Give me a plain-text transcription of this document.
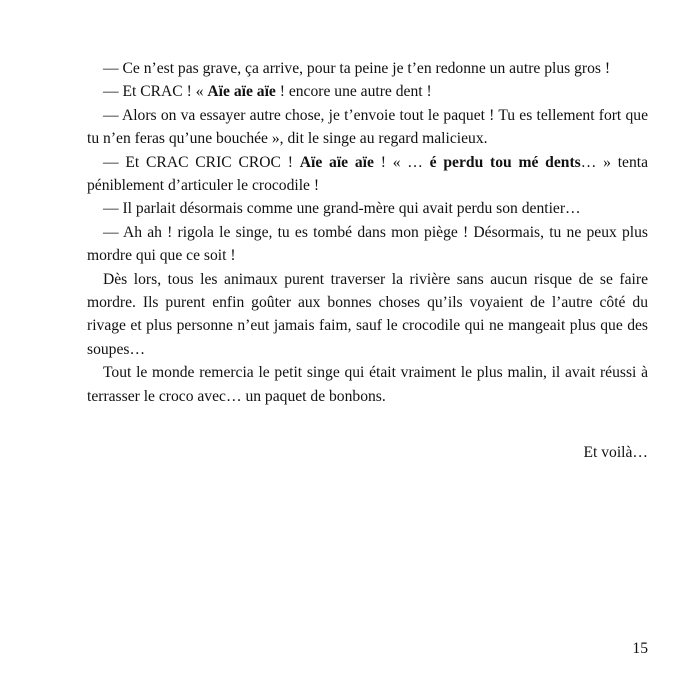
— Ce n’est pas grave, ça arrive, pour ta peine je t’en redonne un autre plus gros !

— Et CRAC ! « Aïe aïe aïe ! encore une autre dent !

— Alors on va essayer autre chose, je t’envoie tout le paquet ! Tu es tellement fort que tu n’en feras qu’une bouchée », dit le singe au regard malicieux.

— Et CRAC CRIC CROC ! Aïe aïe aïe ! « … é perdu tou mé dents… » tenta péniblement d’articuler le crocodile !

— Il parlait désormais comme une grand-mère qui avait perdu son dentier…

— Ah ah ! rigola le singe, tu es tombé dans mon piège ! Désormais, tu ne peux plus mordre qui que ce soit !

Dès lors, tous les animaux purent traverser la rivière sans aucun risque de se faire mordre. Ils purent enfin goûter aux bonnes choses qu’ils voyaient de l’autre côté du rivage et plus personne n’eut jamais faim, sauf le crocodile qui ne mangeait plus que des soupes…

Tout le monde remercia le petit singe qui était vraiment le plus malin, il avait réussi à terrasser le croco avec… un paquet de bonbons.

Et voilà…

15
